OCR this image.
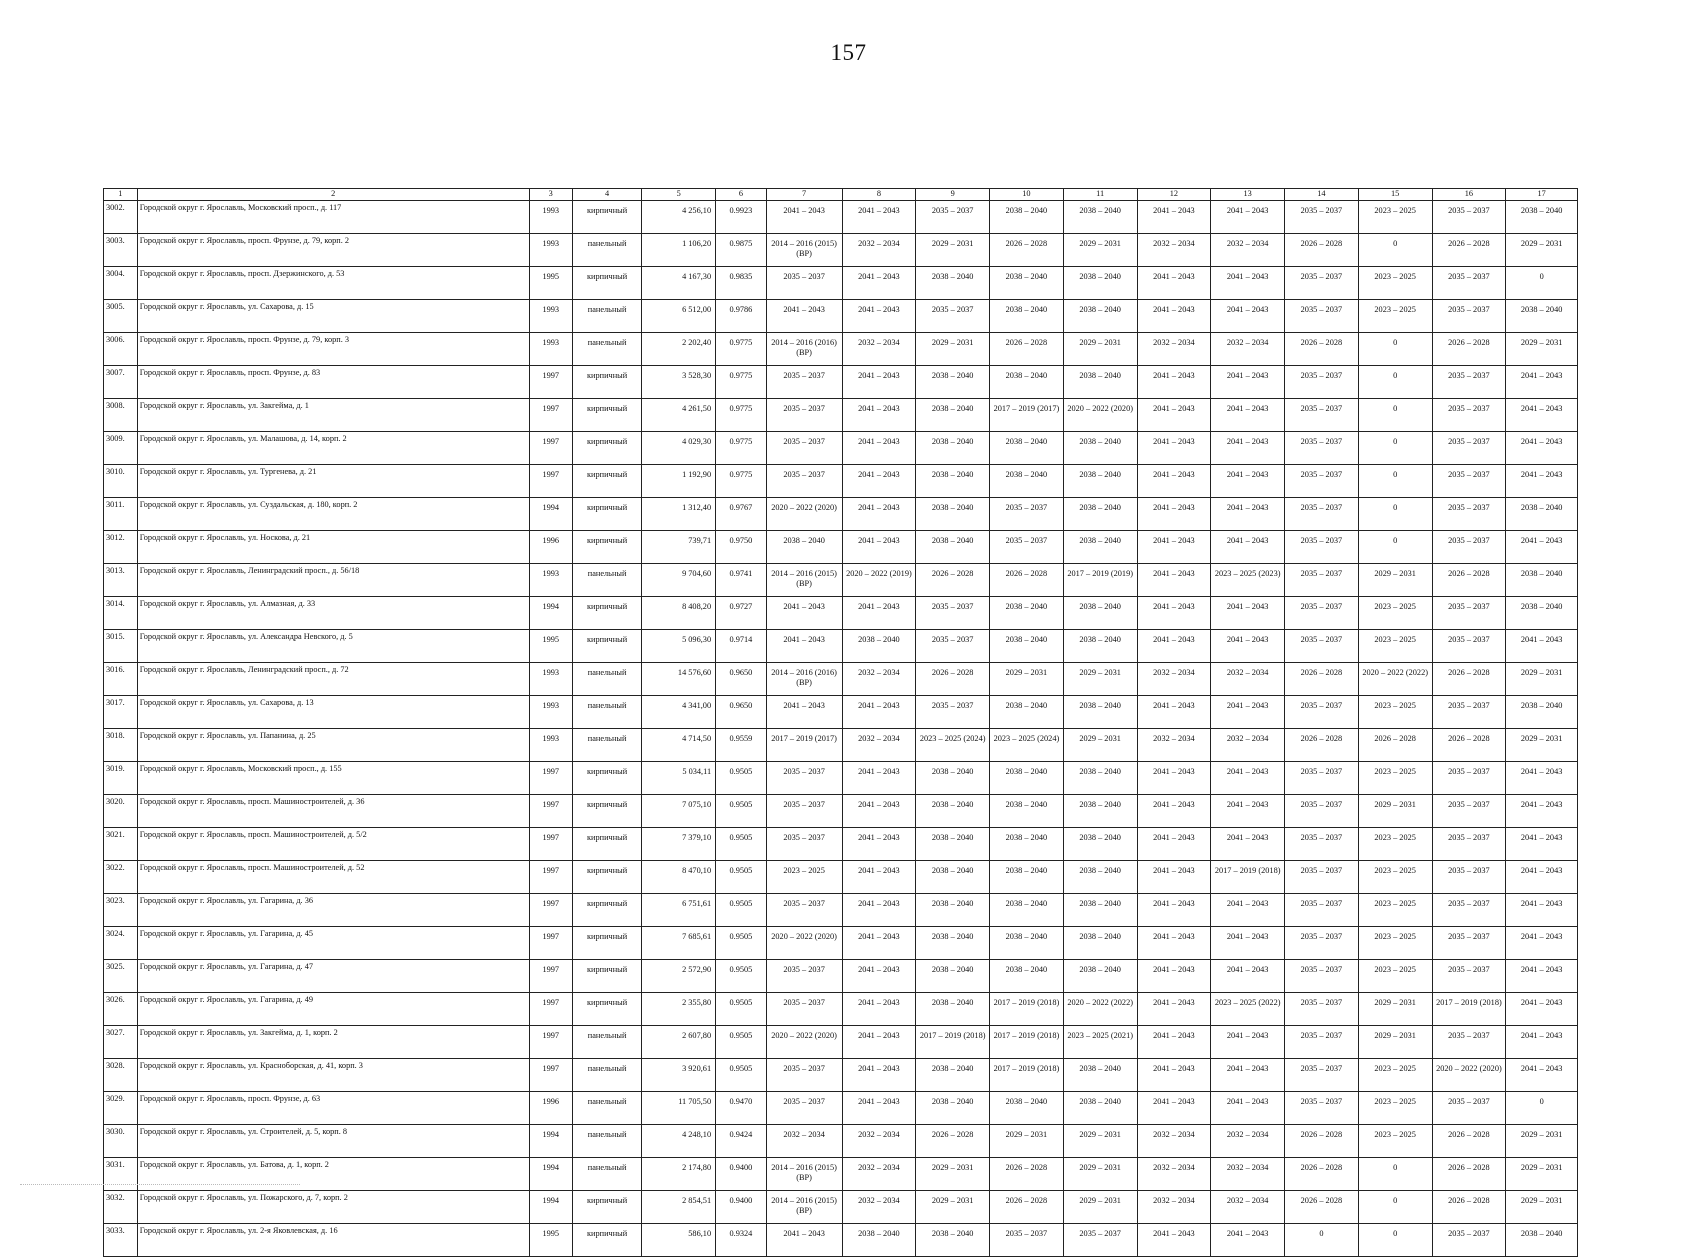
157
1	2	3	4	5	6	7	8	9	10	11	12	13	14	15	16	17
3002.	Городской округ г. Ярославль, Московский просп., д. 117	1993	кирпичный	4 256,10	0.9923	2041 – 2043	2041 – 2043	2035 – 2037	2038 – 2040	2038 – 2040	2041 – 2043	2041 – 2043	2035 – 2037	2023 – 2025	2035 – 2037	2038 – 2040
3003.	Городской округ г. Ярославль, просп. Фрунзе, д. 79, корп. 2	1993	панельный	1 106,20	0.9875	2014 – 2016 (2015) (ВР)	2032 – 2034	2029 – 2031	2026 – 2028	2029 – 2031	2032 – 2034	2032 – 2034	2026 – 2028	0	2026 – 2028	2029 – 2031
3004.	Городской округ г. Ярославль, просп. Дзержинского, д. 53	1995	кирпичный	4 167,30	0.9835	2035 – 2037	2041 – 2043	2038 – 2040	2038 – 2040	2038 – 2040	2041 – 2043	2041 – 2043	2035 – 2037	2023 – 2025	2035 – 2037	0
3005.	Городской округ г. Ярославль, ул. Сахарова, д. 15	1993	панельный	6 512,00	0.9786	2041 – 2043	2041 – 2043	2035 – 2037	2038 – 2040	2038 – 2040	2041 – 2043	2041 – 2043	2035 – 2037	2023 – 2025	2035 – 2037	2038 – 2040
3006.	Городской округ г. Ярославль, просп. Фрунзе, д. 79, корп. 3	1993	панельный	2 202,40	0.9775	2014 – 2016 (2016) (ВР)	2032 – 2034	2029 – 2031	2026 – 2028	2029 – 2031	2032 – 2034	2032 – 2034	2026 – 2028	0	2026 – 2028	2029 – 2031
3007.	Городской округ г. Ярославль, просп. Фрунзе, д. 83	1997	кирпичный	3 528,30	0.9775	2035 – 2037	2041 – 2043	2038 – 2040	2038 – 2040	2038 – 2040	2041 – 2043	2041 – 2043	2035 – 2037	0	2035 – 2037	2041 – 2043
3008.	Городской округ г. Ярославль, ул. Закгейма, д. 1	1997	кирпичный	4 261,50	0.9775	2035 – 2037	2041 – 2043	2038 – 2040	2017 – 2019 (2017)	2020 – 2022 (2020)	2041 – 2043	2041 – 2043	2035 – 2037	0	2035 – 2037	2041 – 2043
3009.	Городской округ г. Ярославль, ул. Малашова, д. 14, корп. 2	1997	кирпичный	4 029,30	0.9775	2035 – 2037	2041 – 2043	2038 – 2040	2038 – 2040	2038 – 2040	2041 – 2043	2041 – 2043	2035 – 2037	0	2035 – 2037	2041 – 2043
3010.	Городской округ г. Ярославль, ул. Тургенева, д. 21	1997	кирпичный	1 192,90	0.9775	2035 – 2037	2041 – 2043	2038 – 2040	2038 – 2040	2038 – 2040	2041 – 2043	2041 – 2043	2035 – 2037	0	2035 – 2037	2041 – 2043
3011.	Городской округ г. Ярославль, ул. Суздальская, д. 180, корп. 2	1994	кирпичный	1 312,40	0.9767	2020 – 2022 (2020)	2041 – 2043	2038 – 2040	2035 – 2037	2038 – 2040	2041 – 2043	2041 – 2043	2035 – 2037	0	2035 – 2037	2038 – 2040
3012.	Городской округ г. Ярославль, ул. Носкова, д. 21	1996	кирпичный	739,71	0.9750	2038 – 2040	2041 – 2043	2038 – 2040	2035 – 2037	2038 – 2040	2041 – 2043	2041 – 2043	2035 – 2037	0	2035 – 2037	2041 – 2043
3013.	Городской округ г. Ярославль, Ленинградский просп., д. 56/18	1993	панельный	9 704,60	0.9741	2014 – 2016 (2015) (ВР)	2020 – 2022 (2019)	2026 – 2028	2026 – 2028	2017 – 2019 (2019)	2041 – 2043	2023 – 2025 (2023)	2035 – 2037	2029 – 2031	2026 – 2028	2038 – 2040
3014.	Городской округ г. Ярославль, ул. Алмазная, д. 33	1994	кирпичный	8 408,20	0.9727	2041 – 2043	2041 – 2043	2035 – 2037	2038 – 2040	2038 – 2040	2041 – 2043	2041 – 2043	2035 – 2037	2023 – 2025	2035 – 2037	2038 – 2040
3015.	Городской округ г. Ярославль, ул. Александра Невского, д. 5	1995	кирпичный	5 096,30	0.9714	2041 – 2043	2038 – 2040	2035 – 2037	2038 – 2040	2038 – 2040	2041 – 2043	2041 – 2043	2035 – 2037	2023 – 2025	2035 – 2037	2041 – 2043
3016.	Городской округ г. Ярославль, Ленинградский просп., д. 72	1993	панельный	14 576,60	0.9650	2014 – 2016 (2016) (ВР)	2032 – 2034	2026 – 2028	2029 – 2031	2029 – 2031	2032 – 2034	2032 – 2034	2026 – 2028	2020 – 2022 (2022)	2026 – 2028	2029 – 2031
3017.	Городской округ г. Ярославль, ул. Сахарова, д. 13	1993	панельный	4 341,00	0.9650	2041 – 2043	2041 – 2043	2035 – 2037	2038 – 2040	2038 – 2040	2041 – 2043	2041 – 2043	2035 – 2037	2023 – 2025	2035 – 2037	2038 – 2040
3018.	Городской округ г. Ярославль, ул. Папанина, д. 25	1993	панельный	4 714,50	0.9559	2017 – 2019 (2017)	2032 – 2034	2023 – 2025 (2024)	2023 – 2025 (2024)	2029 – 2031	2032 – 2034	2032 – 2034	2026 – 2028	2026 – 2028	2026 – 2028	2029 – 2031
3019.	Городской округ г. Ярославль, Московский просп., д. 155	1997	кирпичный	5 034,11	0.9505	2035 – 2037	2041 – 2043	2038 – 2040	2038 – 2040	2038 – 2040	2041 – 2043	2041 – 2043	2035 – 2037	2023 – 2025	2035 – 2037	2041 – 2043
3020.	Городской округ г. Ярославль, просп. Машиностроителей, д. 36	1997	кирпичный	7 075,10	0.9505	2035 – 2037	2041 – 2043	2038 – 2040	2038 – 2040	2038 – 2040	2041 – 2043	2041 – 2043	2035 – 2037	2029 – 2031	2035 – 2037	2041 – 2043
3021.	Городской округ г. Ярославль, просп. Машиностроителей, д. 5/2	1997	кирпичный	7 379,10	0.9505	2035 – 2037	2041 – 2043	2038 – 2040	2038 – 2040	2038 – 2040	2041 – 2043	2041 – 2043	2035 – 2037	2023 – 2025	2035 – 2037	2041 – 2043
3022.	Городской округ г. Ярославль, просп. Машиностроителей, д. 52	1997	кирпичный	8 470,10	0.9505	2023 – 2025	2041 – 2043	2038 – 2040	2038 – 2040	2038 – 2040	2041 – 2043	2017 – 2019 (2018)	2035 – 2037	2023 – 2025	2035 – 2037	2041 – 2043
3023.	Городской округ г. Ярославль, ул. Гагарина, д. 36	1997	кирпичный	6 751,61	0.9505	2035 – 2037	2041 – 2043	2038 – 2040	2038 – 2040	2038 – 2040	2041 – 2043	2041 – 2043	2035 – 2037	2023 – 2025	2035 – 2037	2041 – 2043
3024.	Городской округ г. Ярославль, ул. Гагарина, д. 45	1997	кирпичный	7 685,61	0.9505	2020 – 2022 (2020)	2041 – 2043	2038 – 2040	2038 – 2040	2038 – 2040	2041 – 2043	2041 – 2043	2035 – 2037	2023 – 2025	2035 – 2037	2041 – 2043
3025.	Городской округ г. Ярославль, ул. Гагарина, д. 47	1997	кирпичный	2 572,90	0.9505	2035 – 2037	2041 – 2043	2038 – 2040	2038 – 2040	2038 – 2040	2041 – 2043	2041 – 2043	2035 – 2037	2023 – 2025	2035 – 2037	2041 – 2043
3026.	Городской округ г. Ярославль, ул. Гагарина, д. 49	1997	кирпичный	2 355,80	0.9505	2035 – 2037	2041 – 2043	2038 – 2040	2017 – 2019 (2018)	2020 – 2022 (2022)	2041 – 2043	2023 – 2025 (2022)	2035 – 2037	2029 – 2031	2017 – 2019 (2018)	2041 – 2043
3027.	Городской округ г. Ярославль, ул. Закгейма, д. 1, корп. 2	1997	панельный	2 607,80	0.9505	2020 – 2022 (2020)	2041 – 2043	2017 – 2019 (2018)	2017 – 2019 (2018)	2023 – 2025 (2021)	2041 – 2043	2041 – 2043	2035 – 2037	2029 – 2031	2035 – 2037	2041 – 2043
3028.	Городской округ г. Ярославль, ул. Красноборская, д. 41, корп. 3	1997	панельный	3 920,61	0.9505	2035 – 2037	2041 – 2043	2038 – 2040	2017 – 2019 (2018)	2038 – 2040	2041 – 2043	2041 – 2043	2035 – 2037	2023 – 2025	2020 – 2022 (2020)	2041 – 2043
3029.	Городской округ г. Ярославль, просп. Фрунзе, д. 63	1996	панельный	11 705,50	0.9470	2035 – 2037	2041 – 2043	2038 – 2040	2038 – 2040	2038 – 2040	2041 – 2043	2041 – 2043	2035 – 2037	2023 – 2025	2035 – 2037	0
3030.	Городской округ г. Ярославль, ул. Строителей, д. 5, корп. 8	1994	панельный	4 248,10	0.9424	2032 – 2034	2032 – 2034	2026 – 2028	2029 – 2031	2029 – 2031	2032 – 2034	2032 – 2034	2026 – 2028	2023 – 2025	2026 – 2028	2029 – 2031
3031.	Городской округ г. Ярославль, ул. Батова, д. 1, корп. 2	1994	панельный	2 174,80	0.9400	2014 – 2016 (2015) (ВР)	2032 – 2034	2029 – 2031	2026 – 2028	2029 – 2031	2032 – 2034	2032 – 2034	2026 – 2028	0	2026 – 2028	2029 – 2031
3032.	Городской округ г. Ярославль, ул. Пожарского, д. 7, корп. 2	1994	кирпичный	2 854,51	0.9400	2014 – 2016 (2015) (ВР)	2032 – 2034	2029 – 2031	2026 – 2028	2029 – 2031	2032 – 2034	2032 – 2034	2026 – 2028	0	2026 – 2028	2029 – 2031
3033.	Городской округ г. Ярославль, ул. 2-я Яковлевская, д. 16	1995	кирпичный	586,10	0.9324	2041 – 2043	2038 – 2040	2038 – 2040	2035 – 2037	2035 – 2037	2041 – 2043	2041 – 2043	0	0	2035 – 2037	2038 – 2040
